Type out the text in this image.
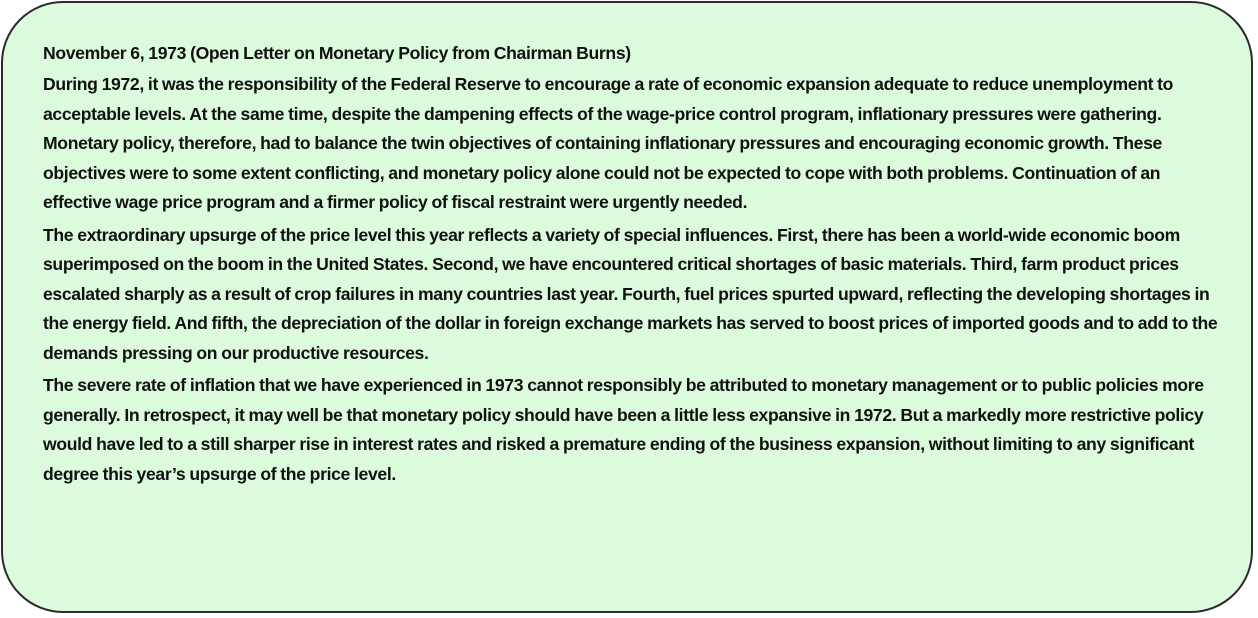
November 6, 1973 (Open Letter on Monetary Policy from Chairman Burns)

During 1972, it was the responsibility of the Federal Reserve to encourage a rate of economic expansion adequate to reduce unemployment to acceptable levels. At the same time, despite the dampening effects of the wage-price control program, inflationary pressures were gathering. Monetary policy, therefore, had to balance the twin objectives of containing inflationary pressures and encouraging economic growth. These objectives were to some extent conflicting, and monetary policy alone could not be expected to cope with both problems. Continuation of an effective wage price program and a firmer policy of fiscal restraint were urgently needed.

The extraordinary upsurge of the price level this year reflects a variety of special influences. First, there has been a world-wide economic boom superimposed on the boom in the United States. Second, we have encountered critical shortages of basic materials. Third, farm product prices escalated sharply as a result of crop failures in many countries last year. Fourth, fuel prices spurted upward, reflecting the developing shortages in the energy field. And fifth, the depreciation of the dollar in foreign exchange markets has served to boost prices of imported goods and to add to the demands pressing on our productive resources.

The severe rate of inflation that we have experienced in 1973 cannot responsibly be attributed to monetary management or to public policies more generally. In retrospect, it may well be that monetary policy should have been a little less expansive in 1972. But a markedly more restrictive policy would have led to a still sharper rise in interest rates and risked a premature ending of the business expansion, without limiting to any significant degree this year’s upsurge of the price level.
